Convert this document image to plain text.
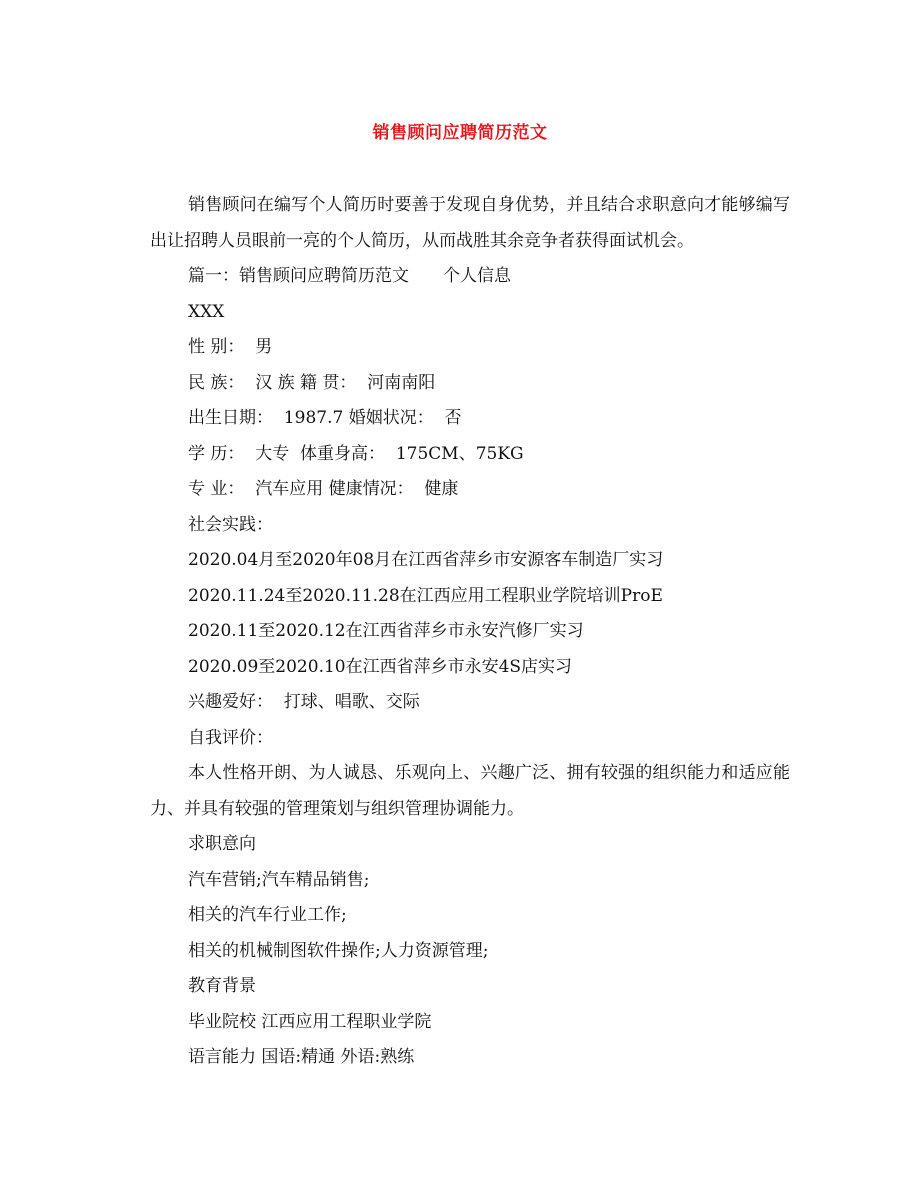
销售顾问应聘简历范文

销售顾问在编写个人简历时要善于发现自身优势，并且结合求职意向才能够编写出让招聘人员眼前一亮的个人简历，从而战胜其余竞争者获得面试机会。

篇一：销售顾问应聘简历范文　　个人信息

XXX

性 别：  男

民 族：  汉 族 籍 贯：  河南南阳

出生日期：  1987.7 婚姻状况：  否

学 历：  大专  体重身高：  175CM、75KG

专 业：  汽车应用 健康情况：  健康

社会实践：

2020.04月至2020年08月在江西省萍乡市安源客车制造厂实习

2020.11.24至2020.11.28在江西应用工程职业学院培训ProE

2020.11至2020.12在江西省萍乡市永安汽修厂实习

2020.09至2020.10在江西省萍乡市永安4S店实习

兴趣爱好：  打球、唱歌、交际

自我评价：

本人性格开朗、为人诚恳、乐观向上、兴趣广泛、拥有较强的组织能力和适应能力、并具有较强的管理策划与组织管理协调能力。

求职意向

汽车营销;汽车精品销售;

相关的汽车行业工作;

相关的机械制图软件操作;人力资源管理;

教育背景

毕业院校 江西应用工程职业学院

语言能力 国语:精通 外语:熟练
